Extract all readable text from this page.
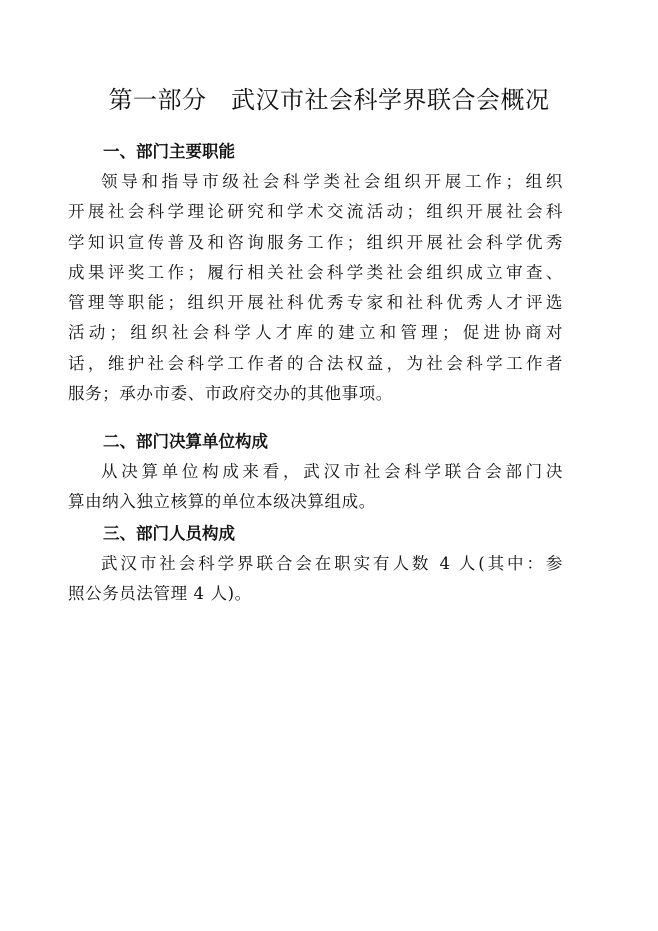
第一部分　武汉市社会科学界联合会概况
一、部门主要职能
领导和指导市级社会科学类社会组织开展工作；组织
开展社会科学理论研究和学术交流活动；组织开展社会科
学知识宣传普及和咨询服务工作；组织开展社会科学优秀
成果评奖工作；履行相关社会科学类社会组织成立审查、
管理等职能；组织开展社科优秀专家和社科优秀人才评选
活动；组织社会科学人才库的建立和管理；促进协商对
话，维护社会科学工作者的合法权益，为社会科学工作者
服务；承办市委、市政府交办的其他事项。
二、部门决算单位构成
从决算单位构成来看，武汉市社会科学联合会部门决
算由纳入独立核算的单位本级决算组成。
三、部门人员构成
武汉市社会科学界联合会在职实有人数 4 人(其中：参
照公务员法管理 4 人)。
